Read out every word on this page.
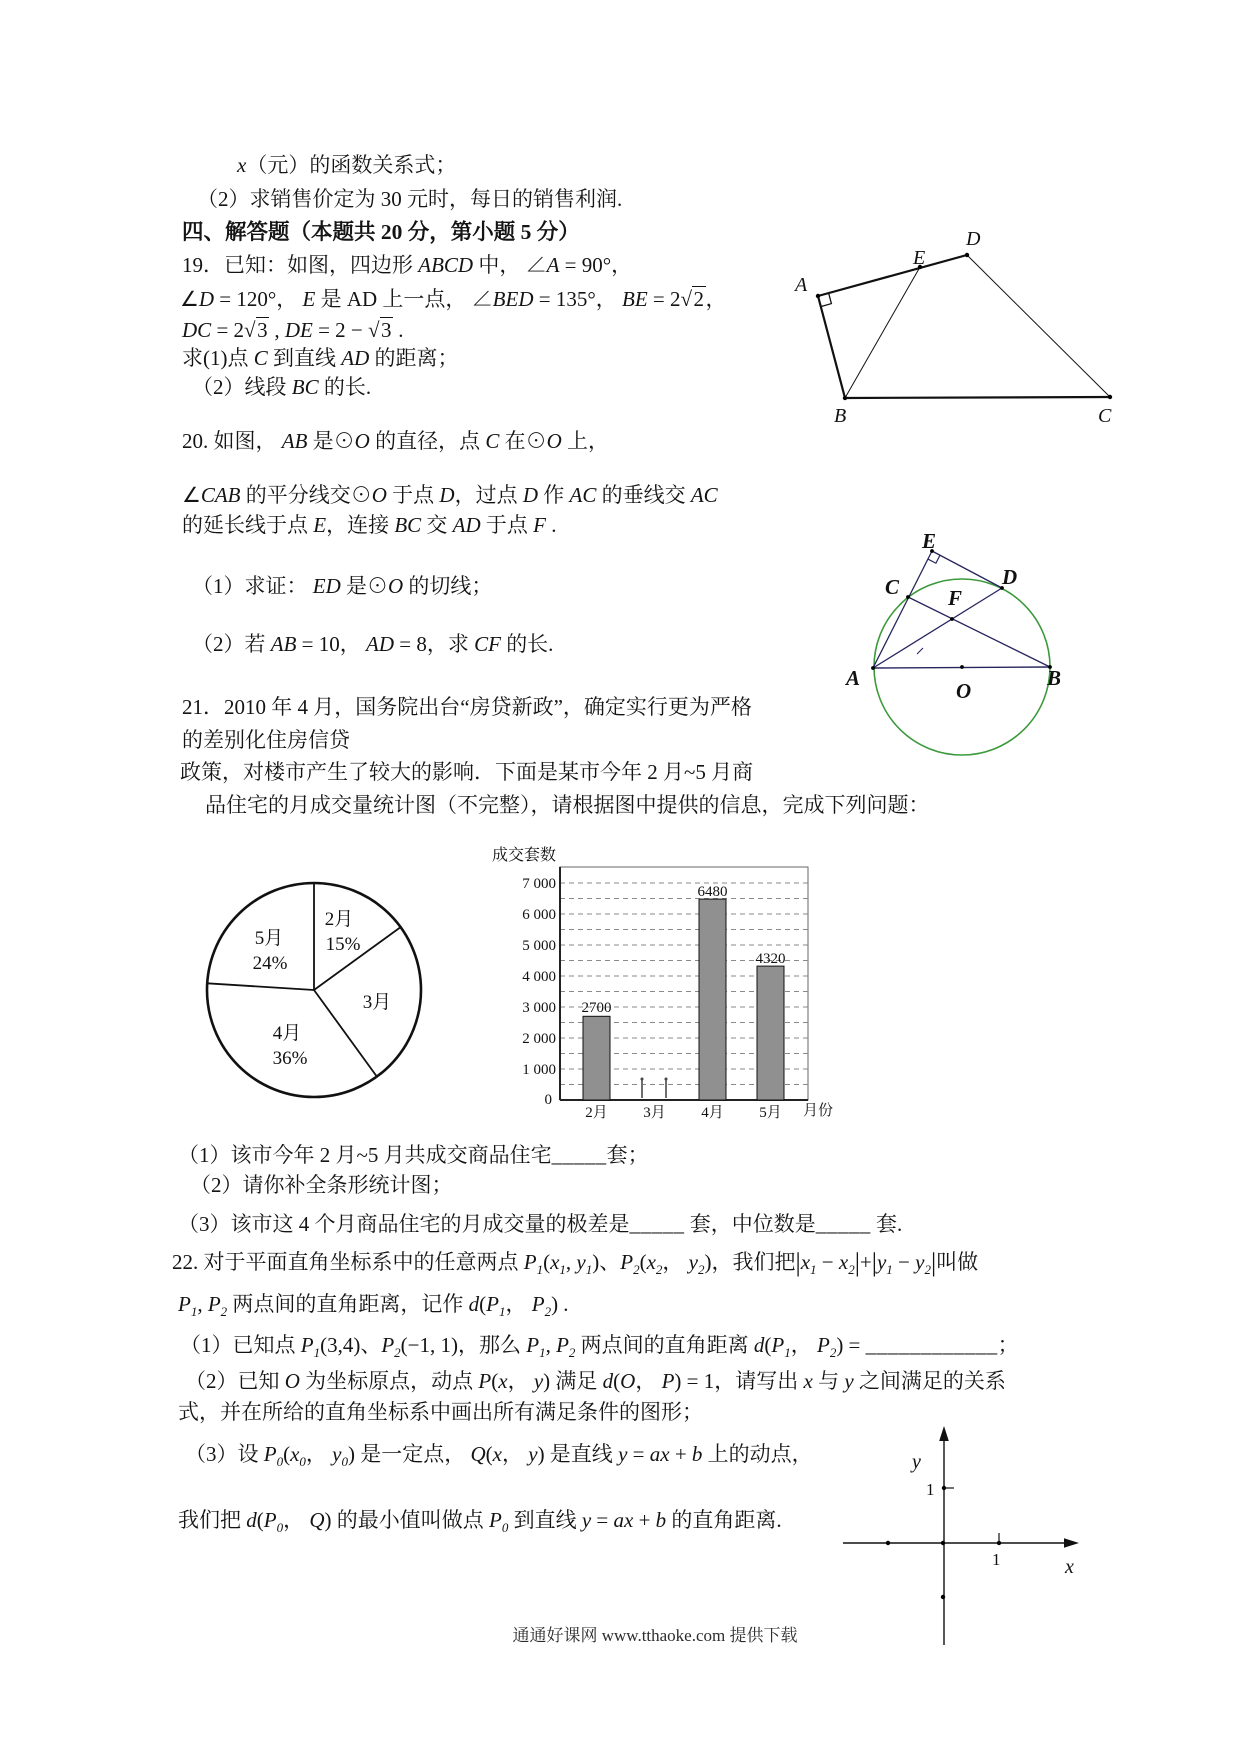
x（元）的函数关系式；
（2）求销售价定为 30 元时，每日的销售利润.
四、解答题（本题共 20 分，第小题 5 分）
19．已知：如图，四边形 ABCD 中， ∠A = 90°，
∠D = 120°， E 是 AD 上一点， ∠BED = 135°， BE = 2√2，
DC = 2√3 , DE = 2 − √3 .
求(1)点 C 到直线 AD 的距离；
（2）线段 BC 的长.
A
E
D
B	C
20. 如图， AB 是⊙O 的直径，点 C 在⊙O 上，
∠CAB 的平分线交⊙O 于点 D，过点 D 作 AC 的垂线交 AC
的延长线于点 E，连接 BC 交 AD 于点 F .
（1）求证： ED 是⊙O 的切线；
（2）若 AB = 10， AD = 8，求 CF 的长.
E
D
C F
A
O
B
21．2010 年 4 月，国务院出台“房贷新政”，确定实行更为严格
的差别化住房信贷
政策，对楼市产生了较大的影响．下面是某市今年 2 月~5 月商
品住宅的月成交量统计图（不完整），请根据图中提供的信息，完成下列问题：
2月
15%
3月
4月
36%
5月
24%
成交套数
7 000
6 000
5 000
4 000
3 000
2 000
1 000
0
2700
6480
4320
2月 3月 4月 5月 月份
（1）该市今年 2 月~5 月共成交商品住宅_____套；
（2）请你补全条形统计图；
（3）该市这 4 个月商品住宅的月成交量的极差是_____ 套，中位数是_____ 套.
22. 对于平面直角坐标系中的任意两点 $P_1(x_1$, $y_1$)、$P_2(x_2$， $y_2$)，我们把$|x_1 - x_2|+|y_1 - y_2|$叫做
$P_1$, $P_2$ 两点间的直角距离，记作 $d(P_1$， $P_2$) .
（1）已知点 $P_1(3,4)$、$P_2(-1$, 1)，那么 $P_1$, $P_2$ 两点间的直角距离 $d(P_1$， $P_2$) = ____________；
（2）已知 O 为坐标原点，动点 P(x， y) 满足 d(O， P) = 1，请写出 x 与 y 之间满足的关系
式，并在所给的直角坐标系中画出所有满足条件的图形；
（3）设 $P_0(x_0$， $y_0$) 是一定点， Q(x， y) 是直线 y = ax + b 上的动点，
我们把 $d(P_0$， Q) 的最小值叫做点 $P_0$ 到直线 y = ax + b 的直角距离.
y
x
1
1
通通好课网 www.tthaoke.com 提供下载
